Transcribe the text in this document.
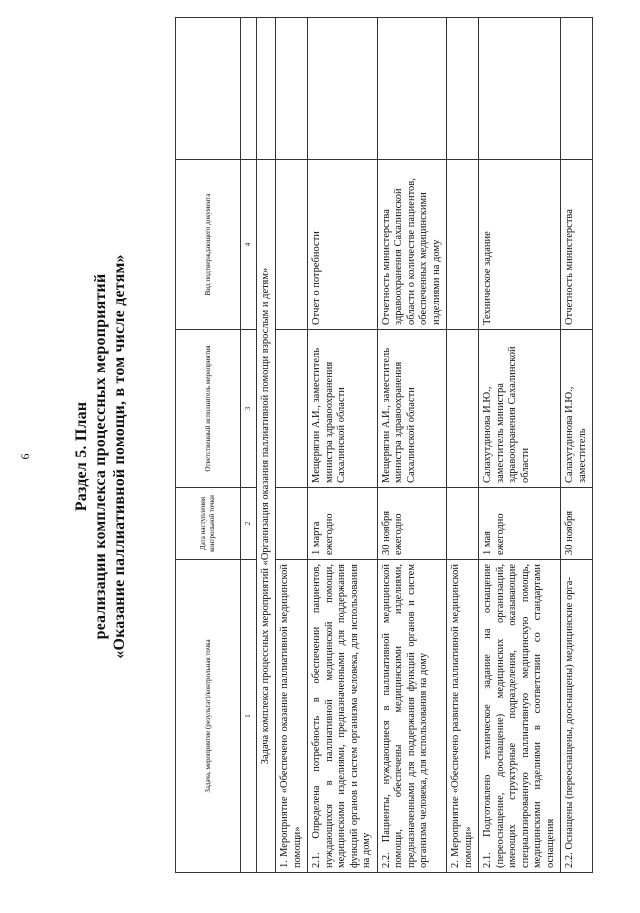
6	Раздел 5. План реализации комплекса процессных мероприятий «Оказание паллиативной помощи, в том числе детям»
Задача, мероприятие (результат)/контрольная точка	Дата наступления контрольной точки	Ответственный исполнитель мероприятия	Вид подтверждающего документа	
1	2	3	4	
Задача комплекса процессных мероприятий «Организация оказания паллиативной помощи взрослым и детям»				
1. Мероприятие «Обеспечено оказание паллиативной медицинской помощи»				
2.1. Определена потребность в обеспечении пациентов, нуждающихся в паллиативной медицинской помощи, медицинскими изделиями, предназначенными для поддержания функций органов и систем организма человека, для использования на дому	1 марта ежегодно	Мещерягин А.И., заместитель министра здравоохранения Сахалинской области	Отчет о потребности	
2.2. Пациенты, нуждающиеся в паллиативной медицинской помощи, обеспечены медицинскими изделиями, предназначенными для поддержания функций органов и систем организма человека, для использования на дому	30 ноября ежегодно	Мещерягин А.И., заместитель министра здравоохранения Сахалинской области	Отчетность министерства здравоохранения Сахалинской области о количестве пациентов, обеспеченных медицинскими изделиями на дому	
2. Мероприятие «Обеспечено развитие паллиативной медицинской помощи»				
2.1. Подготовлено техническое задание на оснащение (переоснащение, дооснащение) медицинских организаций, имеющих структурные подразделения, оказывающие специализированную паллиативную медицинскую помощь, медицинскими изделиями в соответствии со стандартами оснащения	1 мая ежегодно	Салахутдинова И.Ю., заместитель министра здравоохранения Сахалинской области	Техническое задание	
2.2. Оснащены (переоснащены, дооснащены) медицинские орга-	30 ноября	Салахутдинова И.Ю., заместитель	Отчетность министерства	
